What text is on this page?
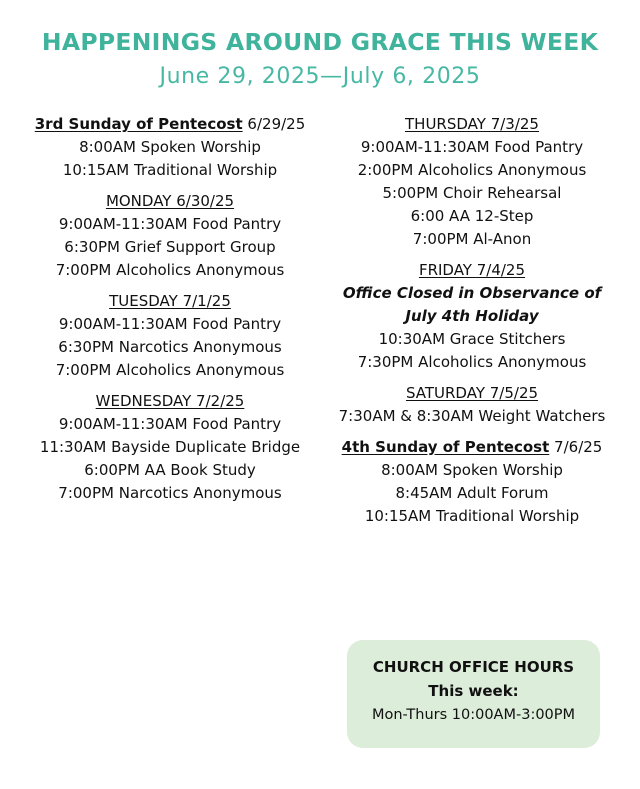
HAPPENINGS AROUND GRACE THIS WEEK
June 29, 2025—July 6, 2025
3rd Sunday of Pentecost 6/29/25
8:00AM Spoken Worship
10:15AM Traditional Worship
MONDAY 6/30/25
9:00AM-11:30AM Food Pantry
6:30PM Grief Support Group
7:00PM Alcoholics Anonymous
TUESDAY 7/1/25
9:00AM-11:30AM Food Pantry
6:30PM Narcotics Anonymous
7:00PM Alcoholics Anonymous
WEDNESDAY 7/2/25
9:00AM-11:30AM Food Pantry
11:30AM Bayside Duplicate Bridge
6:00PM AA Book Study
7:00PM Narcotics Anonymous
THURSDAY 7/3/25
9:00AM-11:30AM Food Pantry
2:00PM Alcoholics Anonymous
5:00PM Choir Rehearsal
6:00 AA 12-Step
7:00PM Al-Anon
FRIDAY 7/4/25
Office Closed in Observance of
July 4th Holiday
10:30AM Grace Stitchers
7:30PM Alcoholics Anonymous
SATURDAY 7/5/25
7:30AM & 8:30AM Weight Watchers
4th Sunday of Pentecost 7/6/25
8:00AM Spoken Worship
8:45AM Adult Forum
10:15AM Traditional Worship
CHURCH OFFICE HOURS
This week:
Mon-Thurs 10:00AM-3:00PM
